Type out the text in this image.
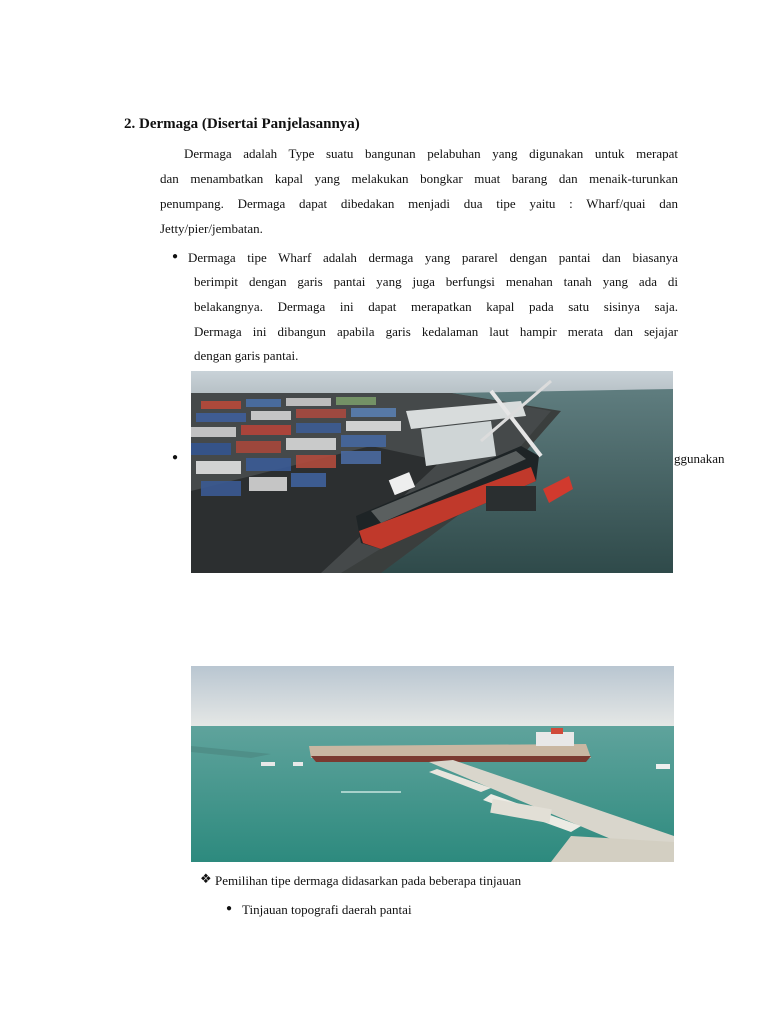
2. Dermaga (Disertai Panjelasannya)
Dermaga adalah Type suatu bangunan pelabuhan yang digunakan untuk merapat
dan menambatkan kapal yang melakukan bongkar muat barang dan menaik-turunkan
penumpang. Dermaga dapat dibedakan menjadi dua tipe yaitu : Wharf/quai dan
Jetty/pier/jembatan.
● Dermaga tipe Wharf adalah dermaga yang pararel dengan pantai dan biasanya
berimpit dengan garis pantai yang juga berfungsi menahan tanah yang ada di
belakangnya. Dermaga ini dapat merapatkan kapal pada satu sisinya saja.
Dermaga ini dibangun apabila garis kedalaman laut hampir merata dan sejajar
dengan garis pantai.
●	ggunakan
❖ Pemilihan tipe dermaga didasarkan pada beberapa tinjauan
● Tinjauan topografi daerah pantai
